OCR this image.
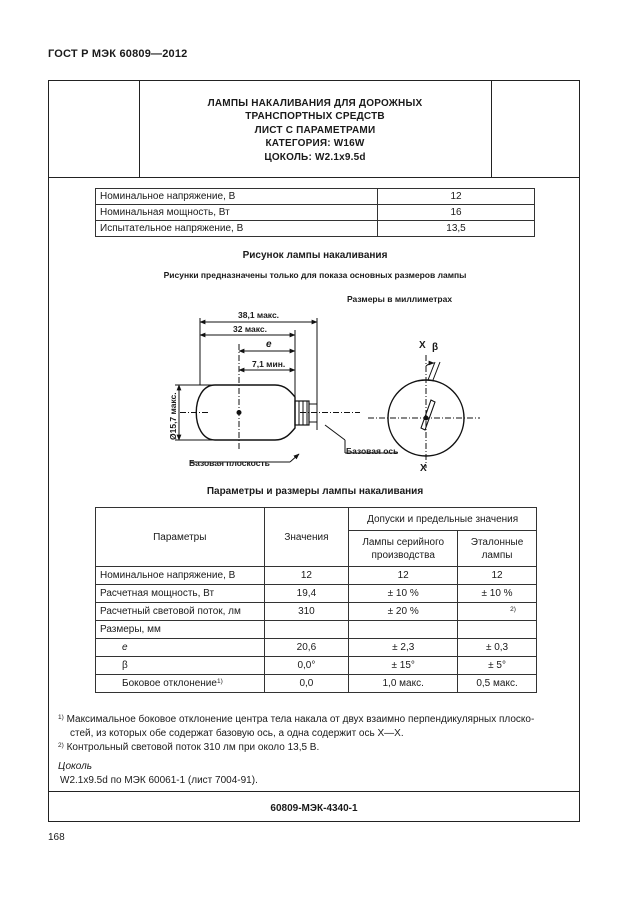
ГОСТ Р МЭК 60809—2012
ЛАМПЫ НАКАЛИВАНИЯ ДЛЯ ДОРОЖНЫХ
ТРАНСПОРТНЫХ СРЕДСТВ
ЛИСТ С ПАРАМЕТРАМИ
КАТЕГОРИЯ: W16W
ЦОКОЛЬ: W2.1x9.5d
60809-МЭК-4340-1
Номинальное напряжение, В	12
Номинальная мощность, Вт	16
Испытательное напряжение, В	13,5
Рисунок лампы накаливания
Рисунки предназначены только для показа основных размеров лампы
Размеры в миллиметрах
38,1 макс.
32 макс.
e
7,1 мин.
Ø15,7 макс.
Базовая плоскость
Базовая ось
X
X
β
Параметры и размеры лампы накаливания
Параметры	Значения	Допуски и предельные значения	
		Лампы серийного производства	Эталонные лампы
Номинальное напряжение, В	12	12	12
Расчетная мощность, Вт	19,4	± 10 %	± 10 %
Расчетный световой поток, лм	310	± 20 %	2)
Размеры, мм			
e	20,6	± 2,3	± 0,3
β	0,0°	± 15°	± 5°
Боковое отклонение$^{1)}$	0,0	1,0 макс.	0,5 макс.
$^{1)}$ Максимальное боковое отклонение центра тела накала от двух взаимно перпендикулярных плоско-
стей, из которых обе содержат базовую ось, а одна содержит ось X—X.
$^{2)}$ Контрольный световой поток 310 лм при около 13,5 В.
Цоколь
W2.1x9.5d по МЭК 60061-1 (лист 7004-91).
168
